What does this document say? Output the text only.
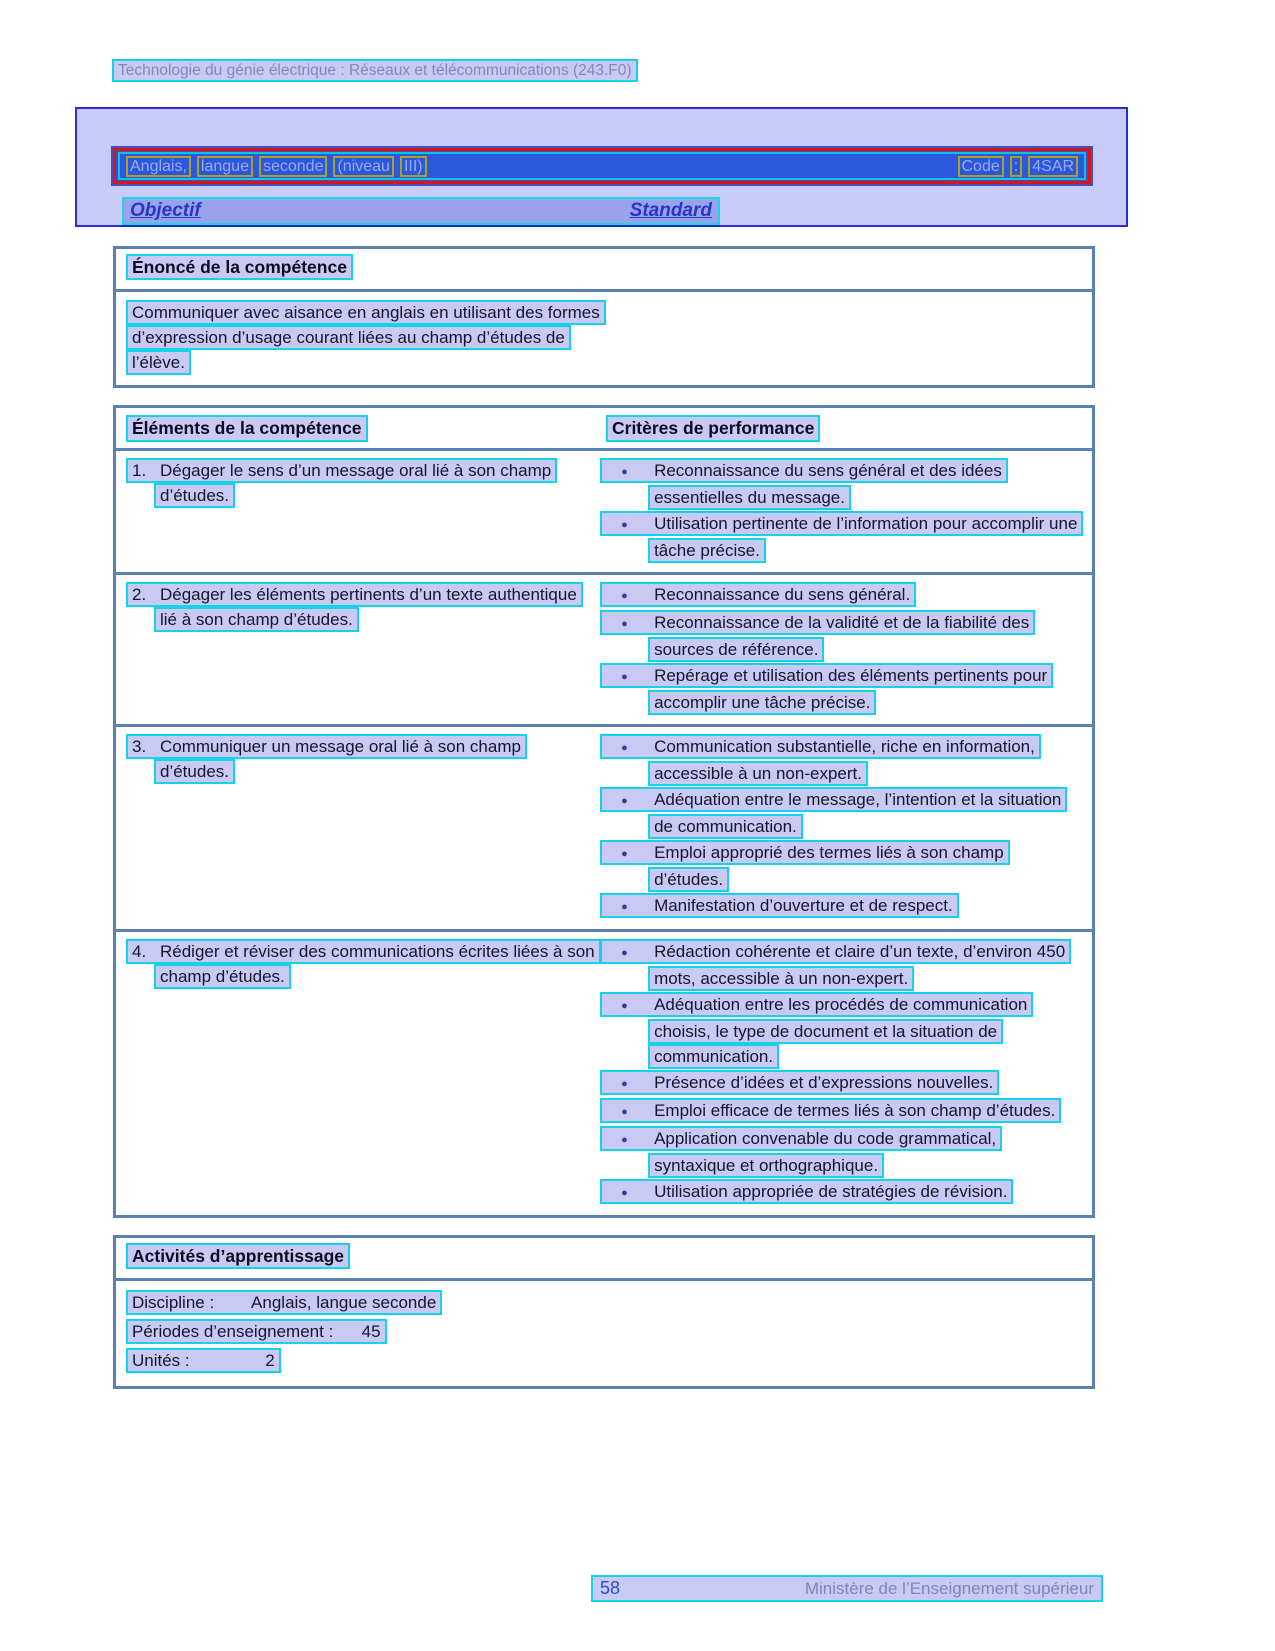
Technologie du génie électrique : Réseaux et télécommunications (243.F0)
Anglais, langue seconde (niveau III)	Code : 4SAR
Objectif	Standard
Énoncé de la compétence
Communiquer avec aisance en anglais en utilisant des formes d’expression d’usage courant liées au champ d’études de l’élève.
Éléments de la compétence	Critères de performance
1. Dégager le sens d’un message oral lié à son champ d’études.
●Reconnaissance du sens général et des idées essentielles du message.
●Utilisation pertinente de l’information pour accomplir une tâche précise.
2. Dégager les éléments pertinents d’un texte authentique lié à son champ d’études.
●Reconnaissance du sens général.
●Reconnaissance de la validité et de la fiabilité des sources de référence.
●Repérage et utilisation des éléments pertinents pour accomplir une tâche précise.
3. Communiquer un message oral lié à son champ d’études.
●Communication substantielle, riche en information, accessible à un non-expert.
●Adéquation entre le message, l’intention et la situation de communication.
●Emploi approprié des termes liés à son champ d’études.
●Manifestation d’ouverture et de respect.
4. Rédiger et réviser des communications écrites liées à son champ d’études.
●Rédaction cohérente et claire d’un texte, d’environ 450 mots, accessible à un non-expert.
●Adéquation entre les procédés de communication choisis, le type de document et la situation de communication.
●Présence d’idées et d’expressions nouvelles.
●Emploi efficace de termes liés à son champ d’études.
●Application convenable du code grammatical, syntaxique et orthographique.
●Utilisation appropriée de stratégies de révision.
Activités d’apprentissage
Discipline :        Anglais, langue seconde
Périodes d’enseignement :      45
Unités :                2
58	Ministère de l’Enseignement supérieur
